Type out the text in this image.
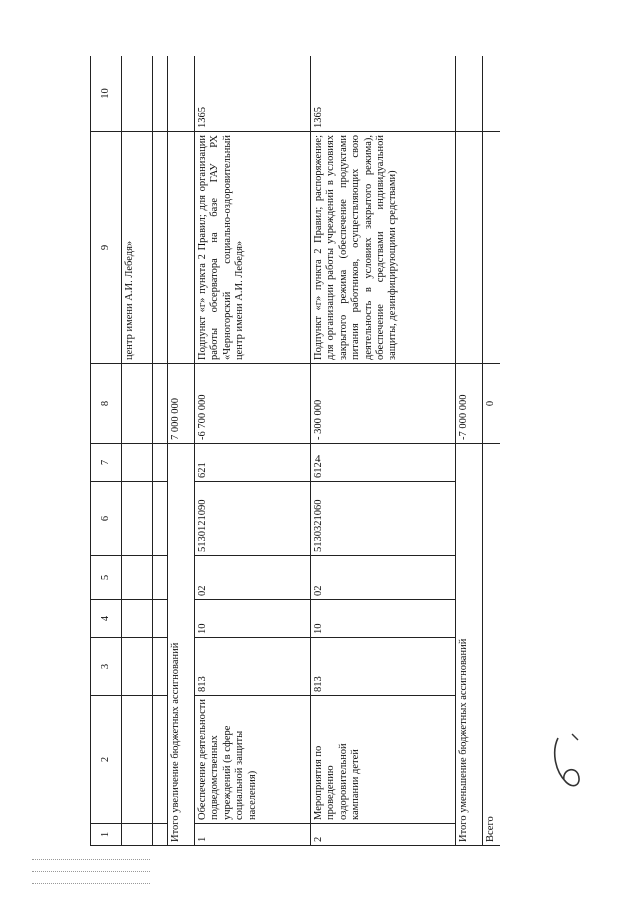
4
1	2	3	4	5	6	7	8	9	10
								центр имени А.И. Лебедя»	

Итого увеличение бюджетных ассигнований							7 000 000		
1	Обеспечение деятельности подведомственных учреждений (в сфере социальной защиты населения)	813	10	02	5130121090	621	-6 700 000	Подпункт «г» пункта 2 Правил; для организации работы обсерватора на базе ГАУ РХ «Черногорский социально-оздоровительный центр имени А.И. Лебедя»	1365
2	Мероприятия по проведению оздоровительной кампании детей	813	10	02	5130321060	612	- 300 000	Подпункт «г» пункта 2 Правил; распоряжение; для организации работы учреждений в условиях закрытого режима (обеспечение продуктами питания работников, осуществляющих свою деятельность в условиях закрытого режима), обеспечение средствами индивидуальной защиты, дезинфицирующими средствами)	1365
Итого уменьшение бюджетных ассигнований							-7 000 000		
Всего							0		
